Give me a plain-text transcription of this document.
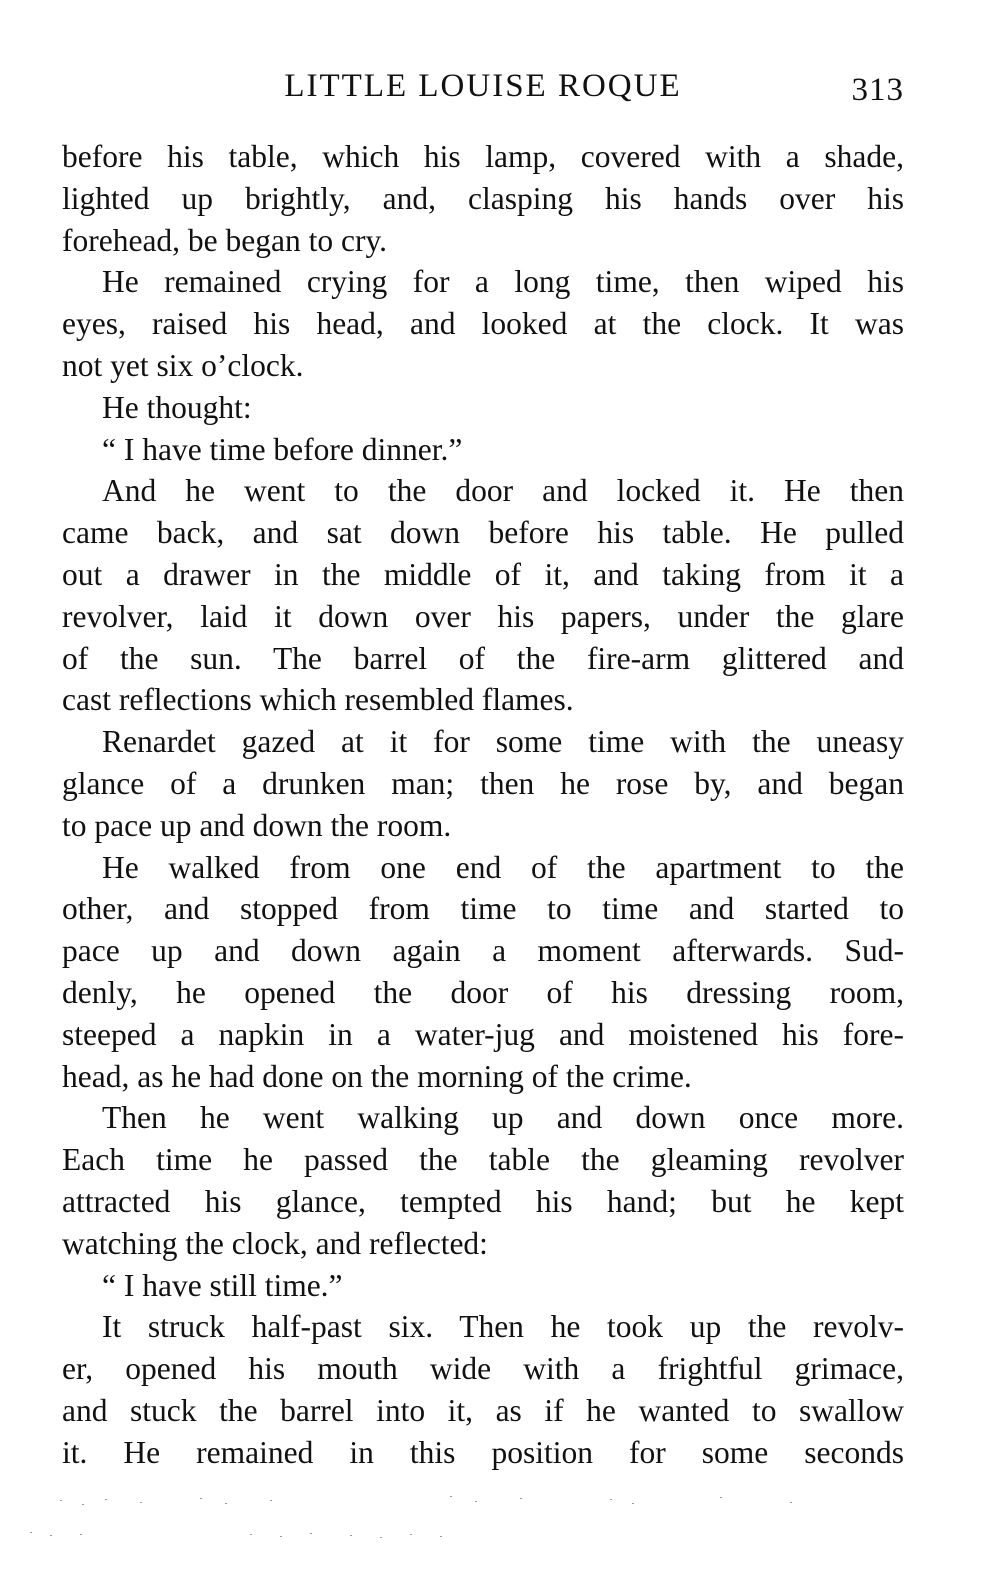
LITTLE LOUISE ROQUE	313
before his table, which his lamp, covered with a shade,
lighted up brightly, and, clasping his hands over his
forehead, be began to cry.
He remained crying for a long time, then wiped his
eyes, raised his head, and looked at the clock. It was
not yet six o’clock.
He thought:
“ I have time before dinner.”
And he went to the door and locked it. He then
came back, and sat down before his table. He pulled
out a drawer in the middle of it, and taking from it a
revolver, laid it down over his papers, under the glare
of the sun. The barrel of the fire-arm glittered and
cast reflections which resembled flames.
Renardet gazed at it for some time with the uneasy
glance of a drunken man; then he rose by, and began
to pace up and down the room.
He walked from one end of the apartment to the
other, and stopped from time to time and started to
pace up and down again a moment afterwards. Sud-
denly, he opened the door of his dressing room,
steeped a napkin in a water-jug and moistened his fore-
head, as he had done on the morning of the crime.
Then he went walking up and down once more.
Each time he passed the table the gleaming revolver
attracted his glance, tempted his hand; but he kept
watching the clock, and reflected:
“ I have still time.”
It struck half-past six. Then he took up the revolv-
er, opened his mouth wide with a frightful grimace,
and stuck the barrel into it, as if he wanted to swallow
it. He remained in this position for some seconds
